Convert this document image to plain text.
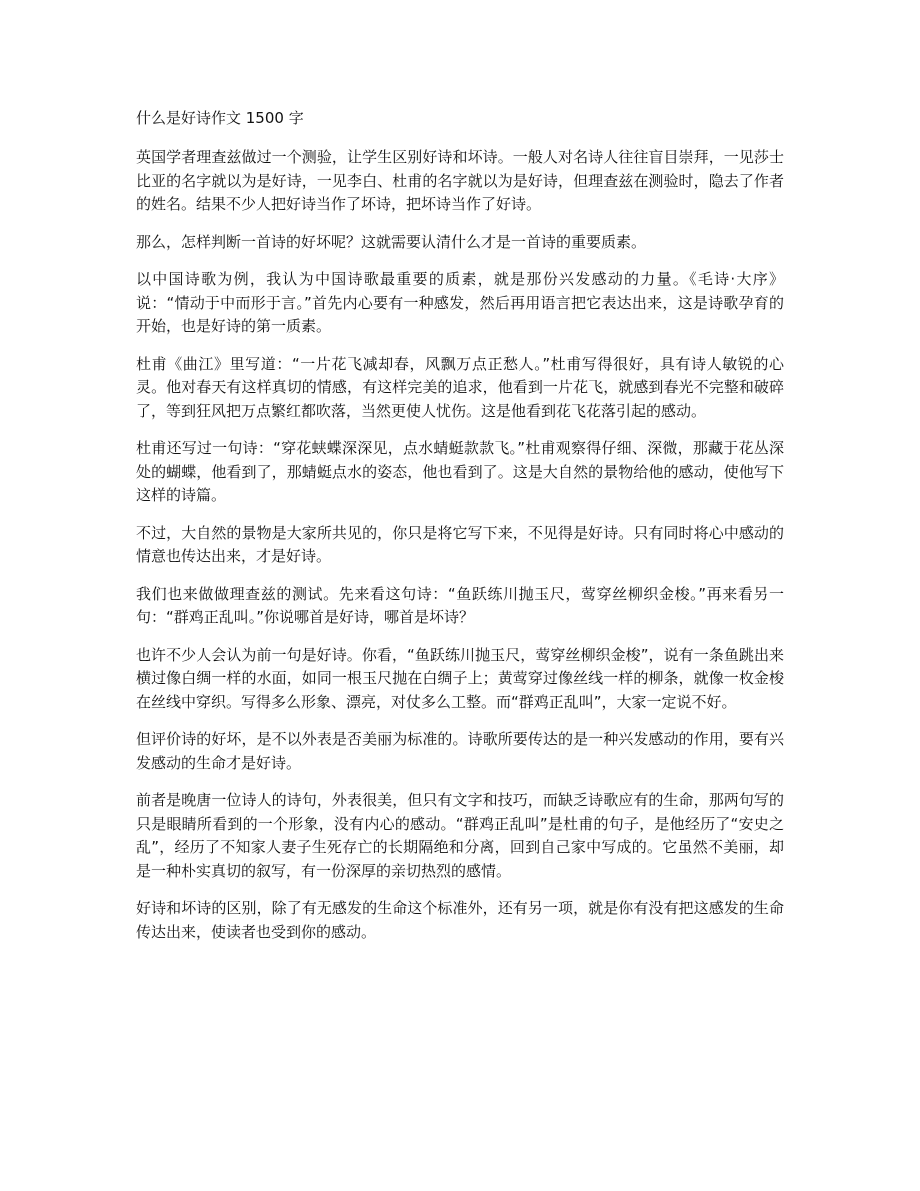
什么是好诗作文 1500 字

英国学者理查兹做过一个测验，让学生区别好诗和坏诗。一般人对名诗人往往盲目崇拜，一见莎士比亚的名字就以为是好诗，一见李白、杜甫的名字就以为是好诗，但理查兹在测验时，隐去了作者的姓名。结果不少人把好诗当作了坏诗，把坏诗当作了好诗。

那么，怎样判断一首诗的好坏呢？这就需要认清什么才是一首诗的重要质素。

以中国诗歌为例，我认为中国诗歌最重要的质素，就是那份兴发感动的力量。《毛诗·大序》说：“情动于中而形于言。”首先内心要有一种感发，然后再用语言把它表达出来，这是诗歌孕育的开始，也是好诗的第一质素。

杜甫《曲江》里写道：“一片花飞减却春，风飘万点正愁人。”杜甫写得很好，具有诗人敏锐的心灵。他对春天有这样真切的情感，有这样完美的追求，他看到一片花飞，就感到春光不完整和破碎了，等到狂风把万点繁红都吹落，当然更使人忧伤。这是他看到花飞花落引起的感动。

杜甫还写过一句诗：“穿花蛱蝶深深见，点水蜻蜓款款飞。”杜甫观察得仔细、深微，那藏于花丛深处的蝴蝶，他看到了，那蜻蜓点水的姿态，他也看到了。这是大自然的景物给他的感动，使他写下这样的诗篇。

不过，大自然的景物是大家所共见的，你只是将它写下来，不见得是好诗。只有同时将心中感动的情意也传达出来，才是好诗。

我们也来做做理查兹的测试。先来看这句诗：“鱼跃练川抛玉尺，莺穿丝柳织金梭。”再来看另一句：“群鸡正乱叫。”你说哪首是好诗，哪首是坏诗？

也许不少人会认为前一句是好诗。你看，“鱼跃练川抛玉尺，莺穿丝柳织金梭”，说有一条鱼跳出来横过像白绸一样的水面，如同一根玉尺抛在白绸子上；黄莺穿过像丝线一样的柳条，就像一枚金梭在丝线中穿织。写得多么形象、漂亮，对仗多么工整。而“群鸡正乱叫”，大家一定说不好。

但评价诗的好坏，是不以外表是否美丽为标准的。诗歌所要传达的是一种兴发感动的作用，要有兴发感动的生命才是好诗。

前者是晚唐一位诗人的诗句，外表很美，但只有文字和技巧，而缺乏诗歌应有的生命，那两句写的只是眼睛所看到的一个形象，没有内心的感动。“群鸡正乱叫”是杜甫的句子，是他经历了“安史之乱”，经历了不知家人妻子生死存亡的长期隔绝和分离，回到自己家中写成的。它虽然不美丽，却是一种朴实真切的叙写，有一份深厚的亲切热烈的感情。

好诗和坏诗的区别，除了有无感发的生命这个标准外，还有另一项，就是你有没有把这感发的生命传达出来，使读者也受到你的感动。
